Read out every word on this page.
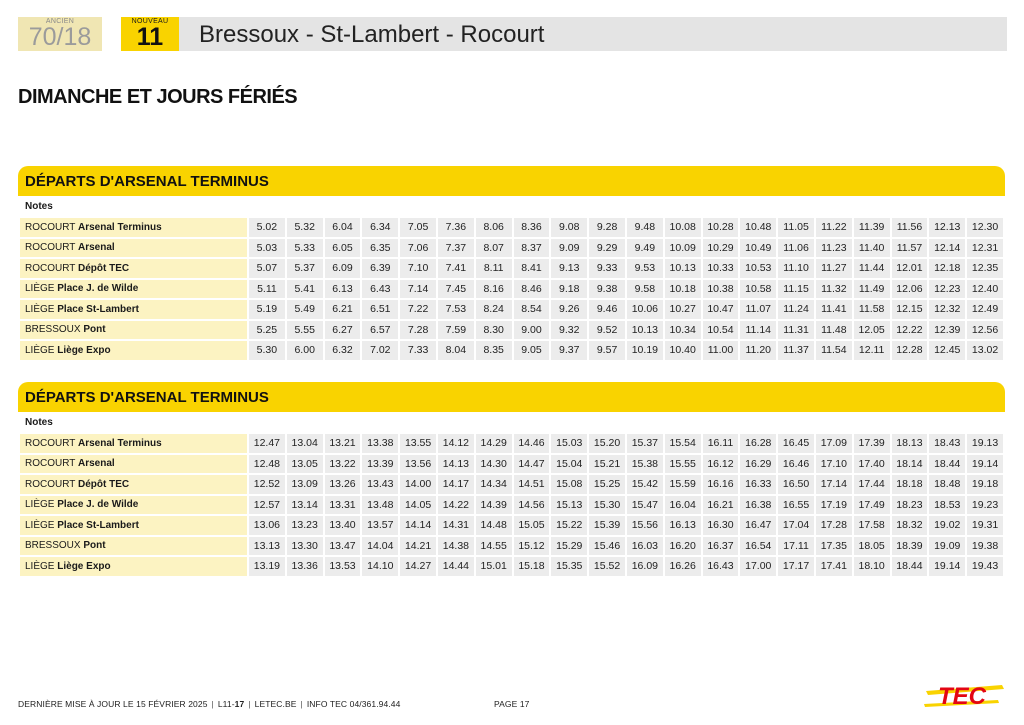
ANCIEN
70/18
NOUVEAU
11	Bressoux - St-Lambert - Rocourt
DIMANCHE ET JOURS FÉRIÉS
DÉPARTS D'ARSENAL TERMINUS
Notes
ROCOURT Arsenal Terminus	5.02	5.32	6.04	6.34	7.05	7.36	8.06	8.36	9.08	9.28	9.48	10.08	10.28	10.48	11.05	11.22	11.39	11.56	12.13	12.30
ROCOURT Arsenal	5.03	5.33	6.05	6.35	7.06	7.37	8.07	8.37	9.09	9.29	9.49	10.09	10.29	10.49	11.06	11.23	11.40	11.57	12.14	12.31
ROCOURT Dépôt TEC	5.07	5.37	6.09	6.39	7.10	7.41	8.11	8.41	9.13	9.33	9.53	10.13	10.33	10.53	11.10	11.27	11.44	12.01	12.18	12.35
LIÈGE Place J. de Wilde	5.11	5.41	6.13	6.43	7.14	7.45	8.16	8.46	9.18	9.38	9.58	10.18	10.38	10.58	11.15	11.32	11.49	12.06	12.23	12.40
LIÈGE Place St-Lambert	5.19	5.49	6.21	6.51	7.22	7.53	8.24	8.54	9.26	9.46	10.06	10.27	10.47	11.07	11.24	11.41	11.58	12.15	12.32	12.49
BRESSOUX Pont	5.25	5.55	6.27	6.57	7.28	7.59	8.30	9.00	9.32	9.52	10.13	10.34	10.54	11.14	11.31	11.48	12.05	12.22	12.39	12.56
LIÈGE Liège Expo	5.30	6.00	6.32	7.02	7.33	8.04	8.35	9.05	9.37	9.57	10.19	10.40	11.00	11.20	11.37	11.54	12.11	12.28	12.45	13.02
DÉPARTS D'ARSENAL TERMINUS
Notes
ROCOURT Arsenal Terminus	12.47	13.04	13.21	13.38	13.55	14.12	14.29	14.46	15.03	15.20	15.37	15.54	16.11	16.28	16.45	17.09	17.39	18.13	18.43	19.13
ROCOURT Arsenal	12.48	13.05	13.22	13.39	13.56	14.13	14.30	14.47	15.04	15.21	15.38	15.55	16.12	16.29	16.46	17.10	17.40	18.14	18.44	19.14
ROCOURT Dépôt TEC	12.52	13.09	13.26	13.43	14.00	14.17	14.34	14.51	15.08	15.25	15.42	15.59	16.16	16.33	16.50	17.14	17.44	18.18	18.48	19.18
LIÈGE Place J. de Wilde	12.57	13.14	13.31	13.48	14.05	14.22	14.39	14.56	15.13	15.30	15.47	16.04	16.21	16.38	16.55	17.19	17.49	18.23	18.53	19.23
LIÈGE Place St-Lambert	13.06	13.23	13.40	13.57	14.14	14.31	14.48	15.05	15.22	15.39	15.56	16.13	16.30	16.47	17.04	17.28	17.58	18.32	19.02	19.31
BRESSOUX Pont	13.13	13.30	13.47	14.04	14.21	14.38	14.55	15.12	15.29	15.46	16.03	16.20	16.37	16.54	17.11	17.35	18.05	18.39	19.09	19.38
LIÈGE Liège Expo	13.19	13.36	13.53	14.10	14.27	14.44	15.01	15.18	15.35	15.52	16.09	16.26	16.43	17.00	17.17	17.41	18.10	18.44	19.14	19.43
DERNIÈRE MISE À JOUR LE 15 FÉVRIER 2025 | L11-17 | LETEC.BE | INFO TEC 04/361.94.44	PAGE 17	TEC
